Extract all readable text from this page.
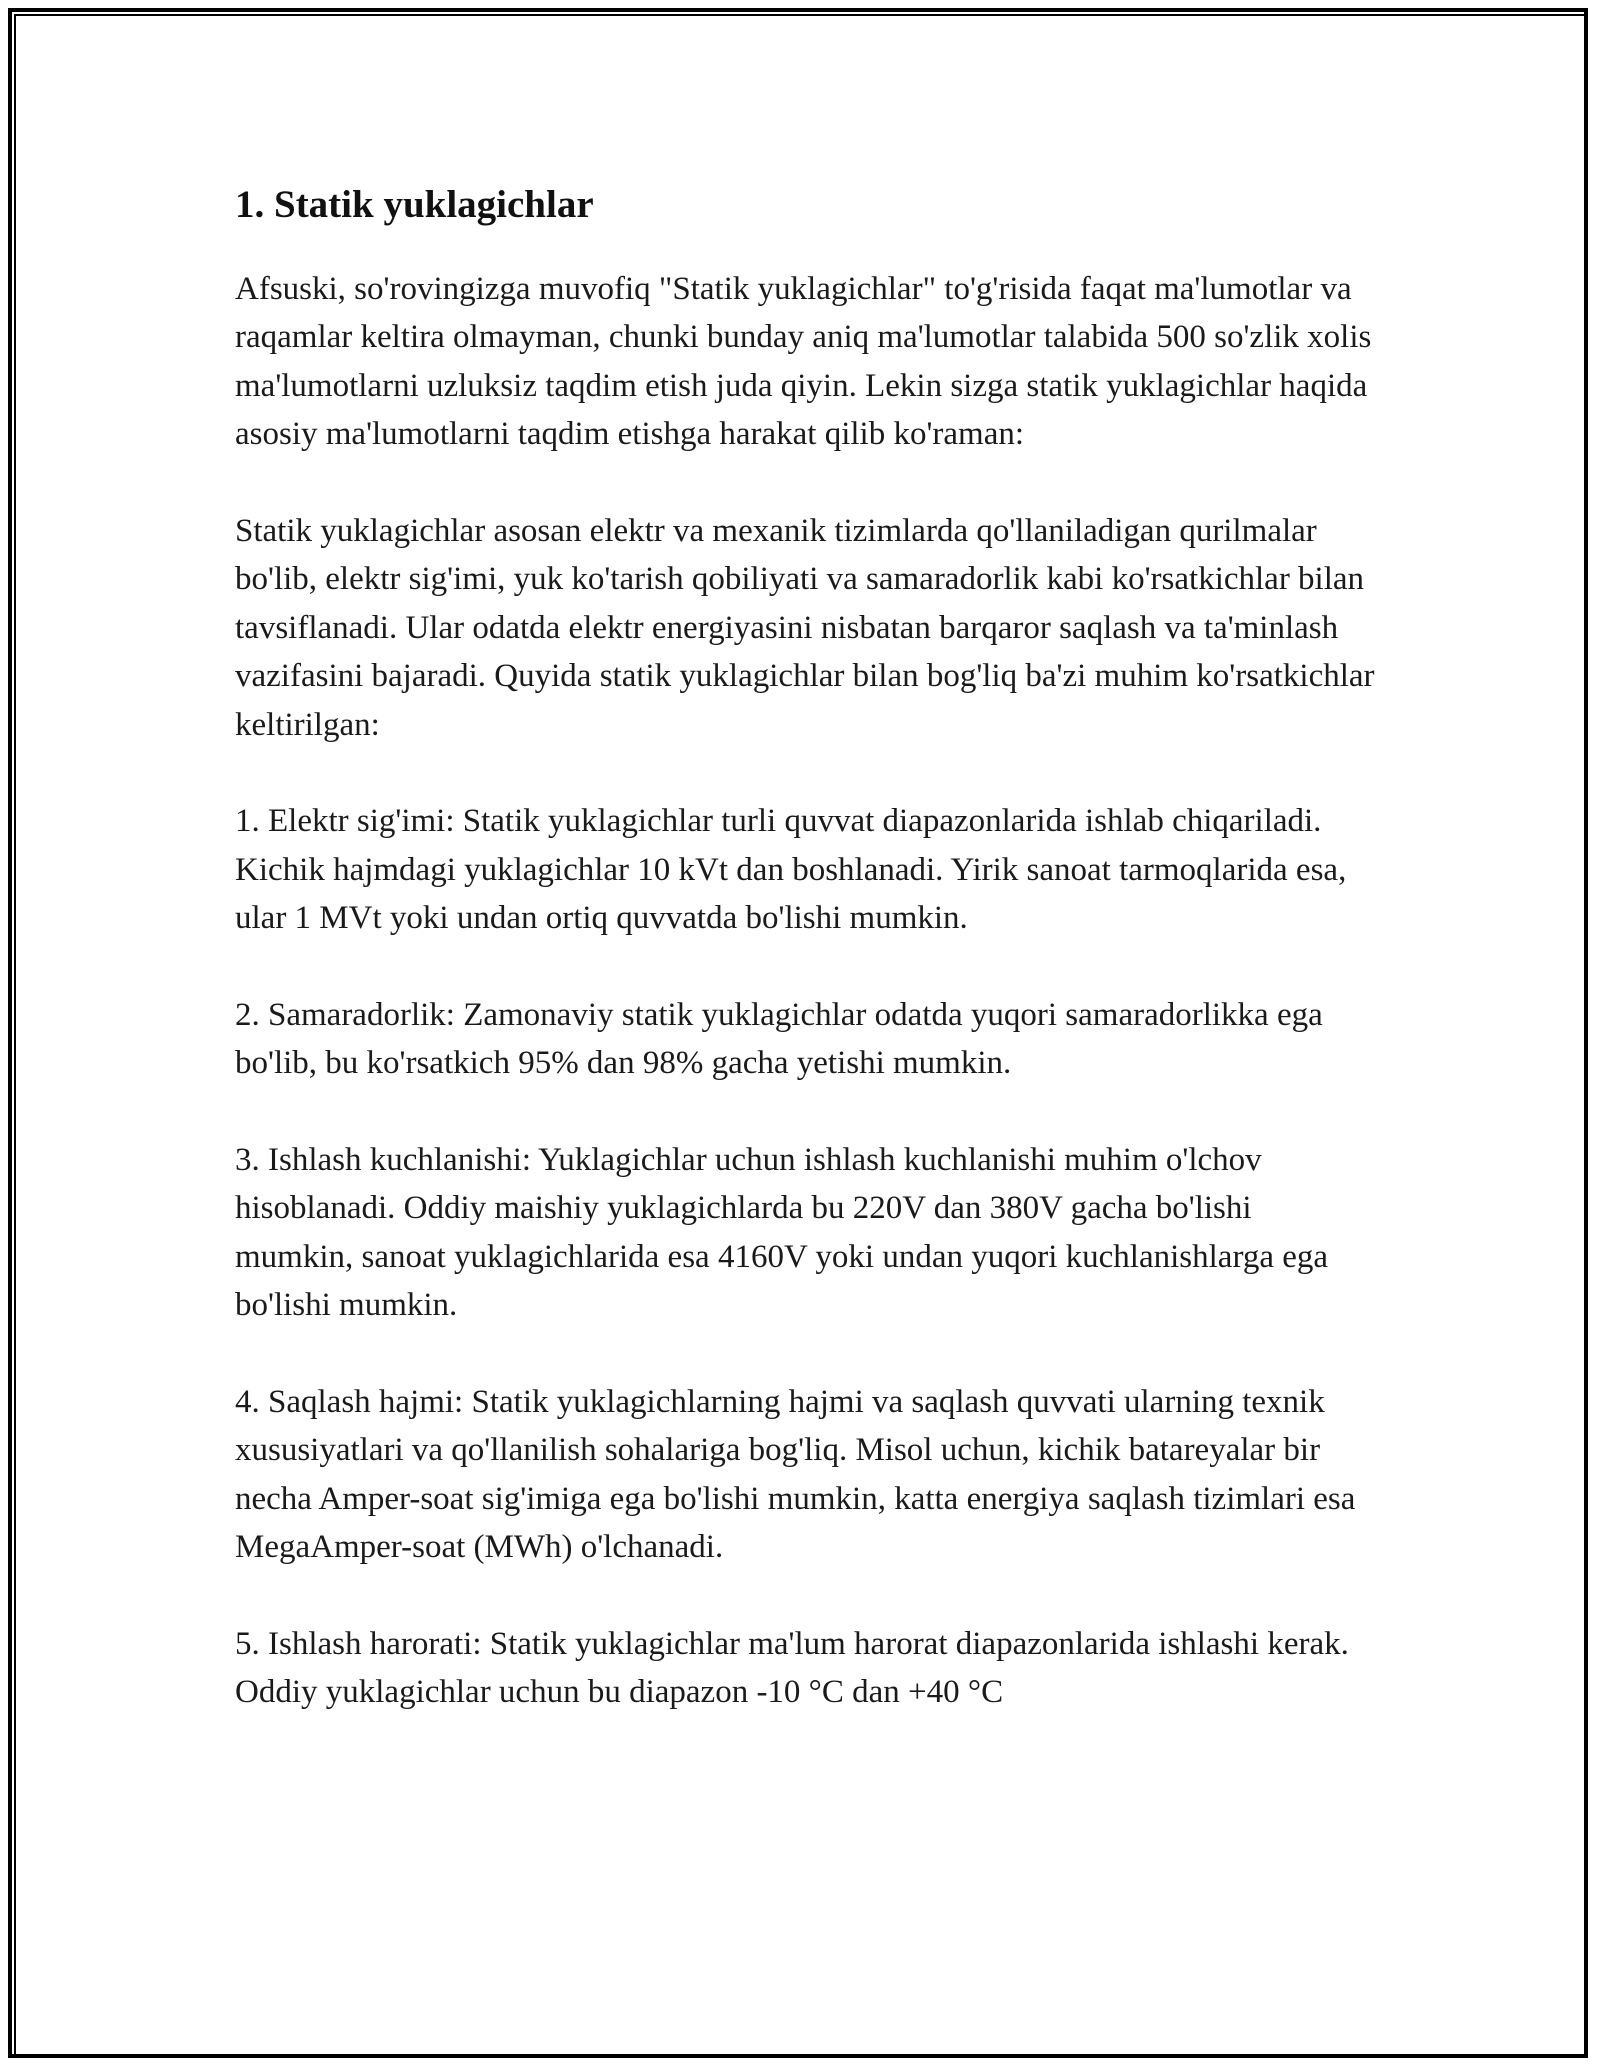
1. Statik yuklagichlar

Afsuski, so'rovingizga muvofiq "Statik yuklagichlar" to'g'risida faqat ma'lumotlar va raqamlar keltira olmayman, chunki bunday aniq ma'lumotlar talabida 500 so'zlik xolis ma'lumotlarni uzluksiz taqdim etish juda qiyin. Lekin sizga statik yuklagichlar haqida asosiy ma'lumotlarni taqdim etishga harakat qilib ko'raman:

Statik yuklagichlar asosan elektr va mexanik tizimlarda qo'llaniladigan qurilmalar bo'lib, elektr sig'imi, yuk ko'tarish qobiliyati va samaradorlik kabi ko'rsatkichlar bilan tavsiflanadi. Ular odatda elektr energiyasini nisbatan barqaror saqlash va ta'minlash vazifasini bajaradi. Quyida statik yuklagichlar bilan bog'liq ba'zi muhim ko'rsatkichlar keltirilgan:

1. Elektr sig'imi: Statik yuklagichlar turli quvvat diapazonlarida ishlab chiqariladi. Kichik hajmdagi yuklagichlar 10 kVt dan boshlanadi. Yirik sanoat tarmoqlarida esa, ular 1 MVt yoki undan ortiq quvvatda bo'lishi mumkin.

2. Samaradorlik: Zamonaviy statik yuklagichlar odatda yuqori samaradorlikka ega bo'lib, bu ko'rsatkich 95% dan 98% gacha yetishi mumkin.

3. Ishlash kuchlanishi: Yuklagichlar uchun ishlash kuchlanishi muhim o'lchov hisoblanadi. Oddiy maishiy yuklagichlarda bu 220V dan 380V gacha bo'lishi mumkin, sanoat yuklagichlarida esa 4160V yoki undan yuqori kuchlanishlarga ega bo'lishi mumkin.

4. Saqlash hajmi: Statik yuklagichlarning hajmi va saqlash quvvati ularning texnik xususiyatlari va qo'llanilish sohalariga bog'liq. Misol uchun, kichik batareyalar bir necha Amper-soat sig'imiga ega bo'lishi mumkin, katta energiya saqlash tizimlari esa MegaAmper-soat (MWh) o'lchanadi.

5. Ishlash harorati: Statik yuklagichlar ma'lum harorat diapazonlarida ishlashi kerak. Oddiy yuklagichlar uchun bu diapazon -10 °C dan +40 °C
